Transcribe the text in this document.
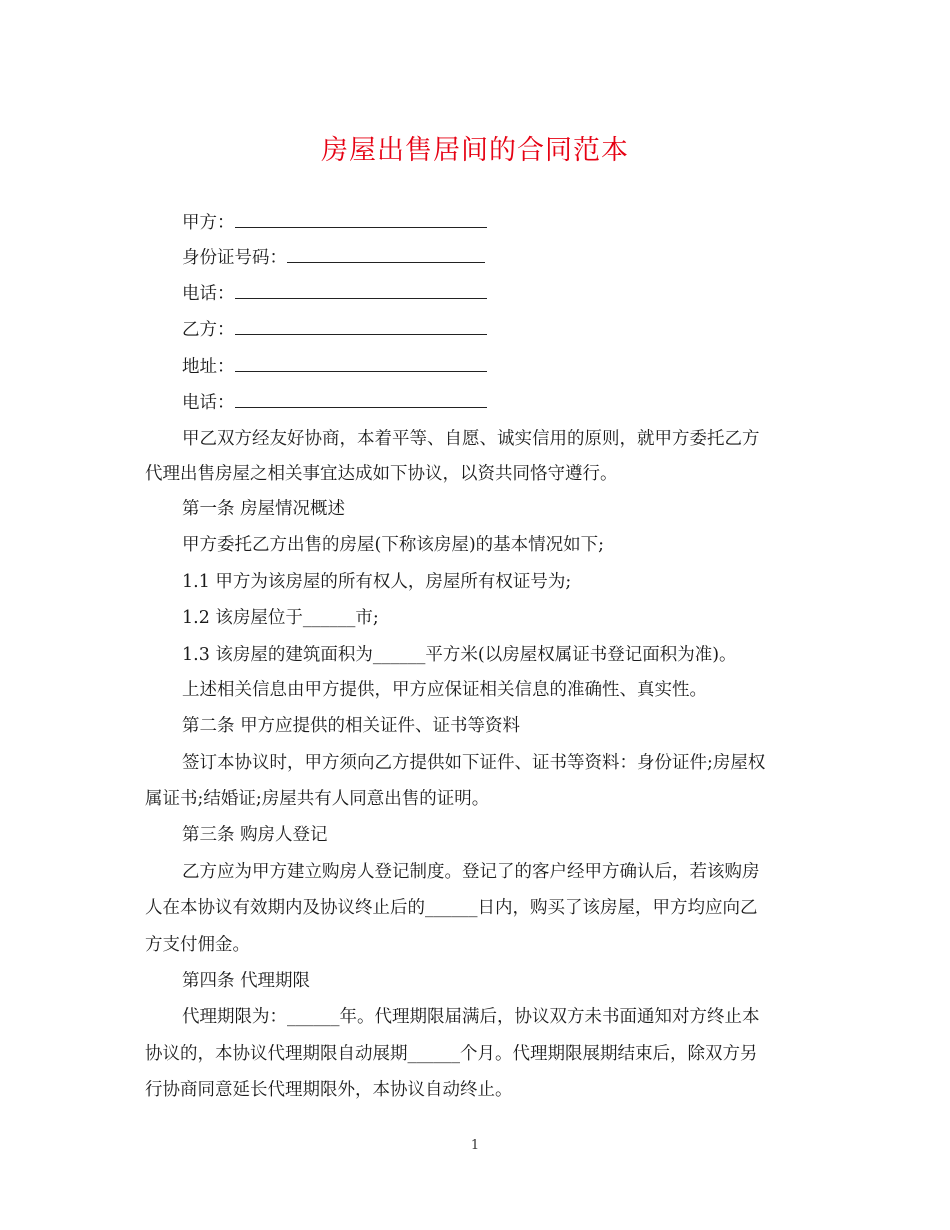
房屋出售居间的合同范本
甲方：
身份证号码：
电话：
乙方：
地址：
电话：
甲乙双方经友好协商，本着平等、自愿、诚实信用的原则，就甲方委托乙方
代理出售房屋之相关事宜达成如下协议，以资共同恪守遵行。
第一条 房屋情况概述
甲方委托乙方出售的房屋(下称该房屋)的基本情况如下;
1.1 甲方为该房屋的所有权人，房屋所有权证号为;
1.2 该房屋位于______市;
1.3 该房屋的建筑面积为______平方米(以房屋权属证书登记面积为准)。
上述相关信息由甲方提供，甲方应保证相关信息的准确性、真实性。
第二条 甲方应提供的相关证件、证书等资料
签订本协议时，甲方须向乙方提供如下证件、证书等资料：身份证件;房屋权
属证书;结婚证;房屋共有人同意出售的证明。
第三条 购房人登记
乙方应为甲方建立购房人登记制度。登记了的客户经甲方确认后，若该购房
人在本协议有效期内及协议终止后的______日内，购买了该房屋，甲方均应向乙
方支付佣金。
第四条 代理期限
代理期限为：______年。代理期限届满后，协议双方未书面通知对方终止本
协议的，本协议代理期限自动展期______个月。代理期限展期结束后，除双方另
行协商同意延长代理期限外，本协议自动终止。
1
